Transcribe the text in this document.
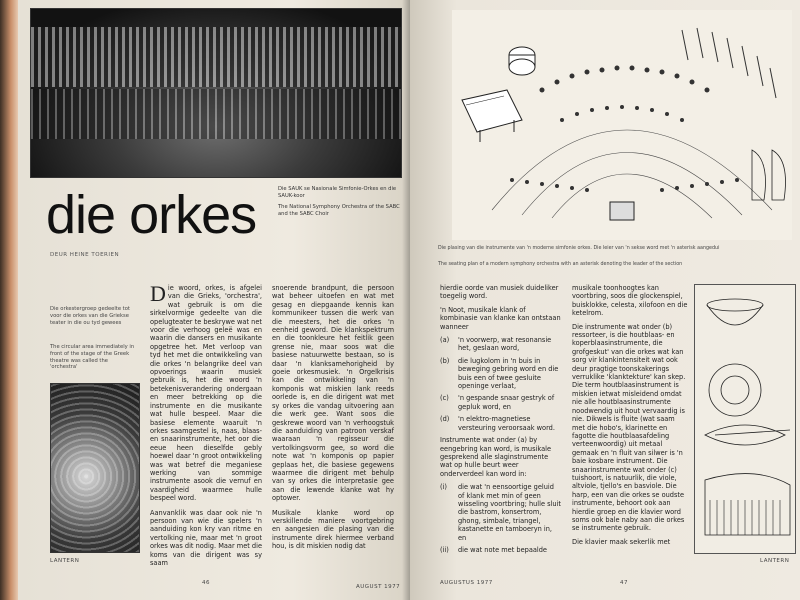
Die SAUK se Nasionale Simfonie-Orkes en die SAUK-koor

The National Symphony Orchestra of the SABC and the SABC Choir

die orkes
DEUR HEINE TOERIEN
Die orkestergroep gedeelte tot voor die orkes van die Griekse teater in die ou tyd gewees
The circular area immediately in front of the stage of the Greek theatre was called the 'orchestra'

Die woord, orkes, is afgelei van die Grieks, 'orchestra', wat gebruik is om die sirkelvormige gedeelte van die opelugteater te beskrywe wat net voor die verhoog geleë was en waarin die dansers en musikante opgetree het. Met verloop van tyd het met die ontwikkeling van die orkes 'n belangrike deel van opvoerings waarin musiek gebruik is, het die woord 'n betekenisverandering ondergaan en meer betrekking op die instrumente en die musikante wat hulle bespeel. Maar die basiese elemente waaruit 'n orkes saamgestel is, naas, blaas- en snaarinstrumente, het oor die eeue heen dieselfde gebly hoewel daar 'n groot ontwikkeling was wat betref die meganiese werking van sommige instrumente asook die vernuf en vaardigheid waarmee hulle bespeel word.

Aanvanklik was daar ook nie 'n persoon van wie die spelers 'n aanduiding kon kry van ritme en vertolking nie, maar met 'n groot orkes was dit nodig. Maar met die koms van die dirigent was sy saam

snoerende brandpunt, die persoon wat beheer uitoefen en wat met gesag en diepgaande kennis kan kommunikeer tussen die werk van die meesters, het die orkes 'n eenheid geword. Die klankspektrum en die toonkleure het feitlik geen grense nie, maar soos wat die basiese natuurwette bestaan, so is daar 'n klanksamehorigheid by goeie orkesmusiek. 'n Orgelkrisis kan die ontwikkeling van 'n komponis wat miskien lank reeds oorlede is, en die dirigent wat met sy orkes die vandag uitvoering aan die werk gee. Want soos die geskrewe woord van 'n verhoogstuk die aanduiding van patroon verskaf waaraan 'n regisseur die vertolkingsvorm gee, so word die note wat 'n komponis op papier geplaas het, die basiese gegewens waarmee die dirigent met behulp van sy orkes die interpretasie gee aan die lewende klanke wat hy optower.

Musikale klanke word op verskillende maniere voortgebring en aangesien die plasing van die instrumente direk hiermee verband hou, is dit miskien nodig dat

LANTERN
46
AUGUST 1977
Die plasing van die instrumente van 'n moderne simfonie orkes. Die leier van 'n sekse word met 'n asterisk aangedui
The seating plan of a modern symphony orchestra with an asterisk denoting the leader of the section

hierdie oorde van musiek duideliker toegelig word.

'n Noot, musikale klank of kombinasie van klanke kan ontstaan wanneer

(a)	'n voorwerp, wat resonansie het, geslaan word,
(b)	die lugkolom in 'n buis in beweging gebring word en die buis een of twee gesluite openinge verlaat,
(c)	'n gespande snaar gestryk of gepluk word, en
(d)	'n elektro-magnetiese versteuring veroorsaak word.

Instrumente wat onder (a) by eengebring kan word, is musikale gesprekend alle slaginstrumente wat op hulle beurt weer onderverdeel kan word in:

(i)	die wat 'n eensoortige geluid of klank met min of geen wisseling voortbring; hulle sluit die bastrom, konsertrom, ghong, simbale, triangel, kastanette en tamboeryn in, en
(ii)	die wat note met bepaalde

musikale toonhoogtes kan voortbring, soos die glockenspiel, buisklokke, celesta, xilofoon en die ketelrom.

Die instrumente wat onder (b) ressorteer, is die houtblaas- en koperblaasinstrumente, die grofgeskut' van die orkes wat kan sorg vir klankintensiteit wat ook deur pragtige toonskakerings verruklike 'klanktekture' kan skep. Die term houtblaasinstrument is miskien ietwat misleidend omdat nie alle houtblaasinstrumente noodwendig uit hout vervaardig is nie. Dikwels is fluite (wat saam met die hobo's, klarinette en fagotte die houtblaasafdeling verteenwoordig) uit metaal gemaak en 'n fluit van silwer is 'n baie kosbare instrument. Die snaarinstrumente wat onder (c) tuishoort, is natuurlik, die viole, altviole, tjello's en basviole. Die harp, een van die orkes se oudste instrumente, behoort ook aan hierdie groep en die klavier word soms ook bale naby aan die orkes se instrumente gebruik.

Die klavier maak sekerlik met

AUGUSTUS 1977	47
LANTERN
